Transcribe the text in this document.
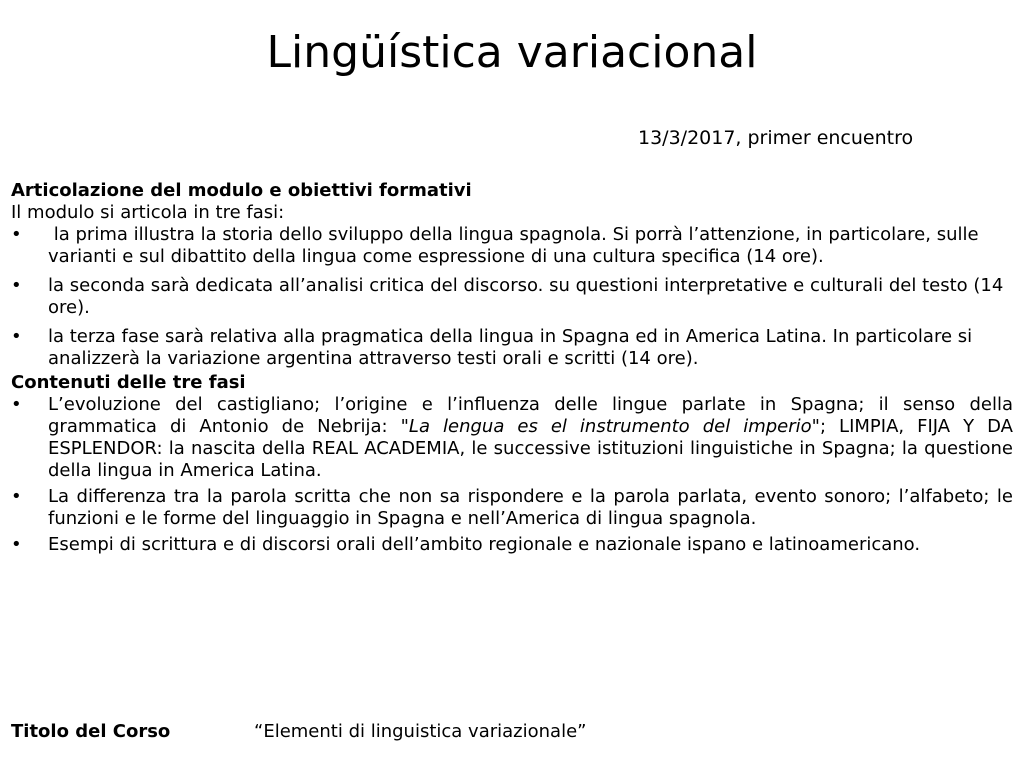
Lingüística variacional
13/3/2017, primer encuentro

Articolazione del modulo e obiettivi formativi

Il modulo si articola in tre fasi:

• la prima illustra la storia dello sviluppo della lingua spagnola. Si porrà l’attenzione, in particolare, sulle varianti e sul dibattito della lingua come espressione di una cultura specifica (14 ore).
• la seconda sarà dedicata all’analisi critica del discorso. su questioni interpretative e culturali del testo (14 ore).
• la terza fase sarà relativa alla pragmatica della lingua in Spagna ed in America Latina. In particolare si analizzerà la variazione argentina attraverso testi orali e scritti (14 ore).

Contenuti delle tre fasi

• L’evoluzione del castigliano; l’origine e l’influenza delle lingue parlate in Spagna; il senso della grammatica di Antonio de Nebrija: "La lengua es el instrumento del imperio"; LIMPIA, FIJA Y DA ESPLENDOR: la nascita della REAL ACADEMIA, le successive istituzioni linguistiche in Spagna; la questione della lingua in America Latina.
• La differenza tra la parola scritta che non sa rispondere e la parola parlata, evento sonoro; l’alfabeto; le funzioni e le forme del linguaggio in Spagna e nell’America di lingua spagnola.
• Esempi di scrittura e di discorsi orali dell’ambito regionale e nazionale ispano e latinoamericano.
Titolo del Corso	“Elementi di linguistica variazionale”
